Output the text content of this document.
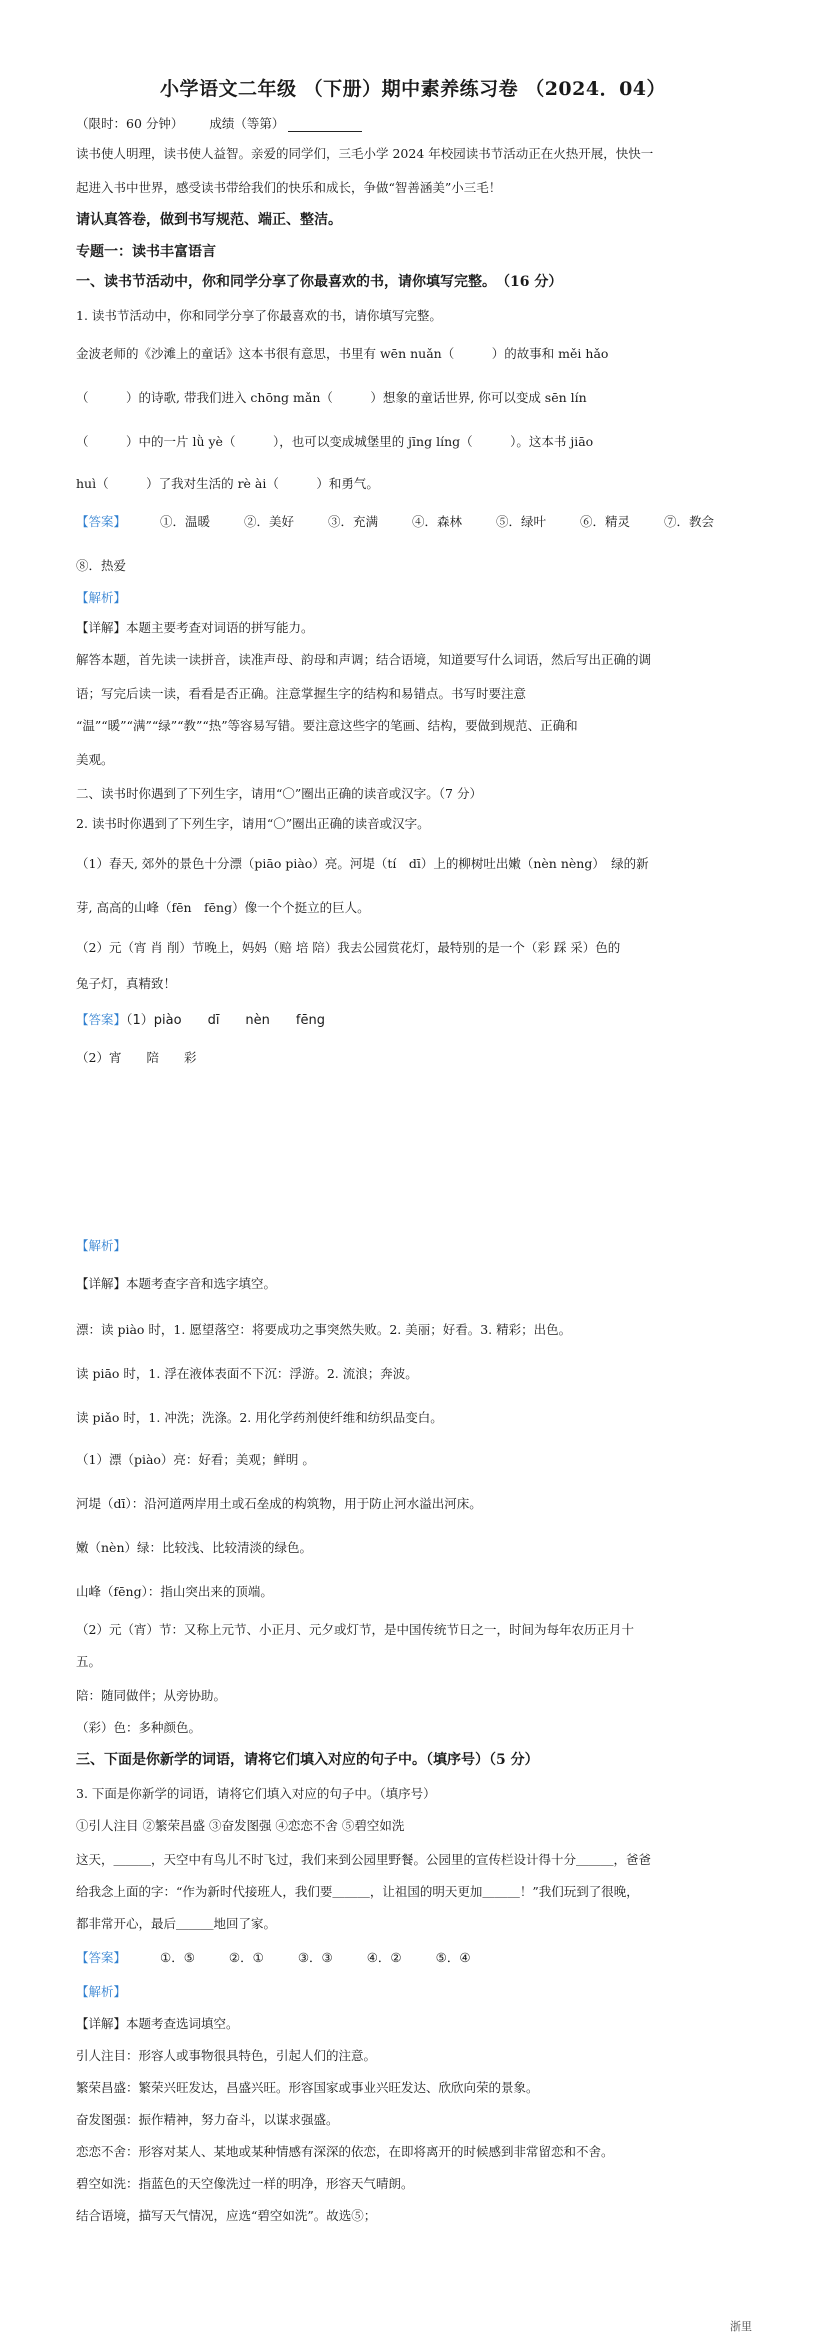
小学语文二年级 （下册）期中素养练习卷 （2024．04）
（限时：60 分钟） 成绩（等第）
读书使人明理，读书使人益智。亲爱的同学们，三毛小学 2024 年校园读书节活动正在火热开展，快快一
起进入书中世界，感受读书带给我们的快乐和成长，争做“智善涵美”小三毛！
请认真答卷，做到书写规范、端正、整洁。
专题一：读书丰富语言
一、读书节活动中，你和同学分享了你最喜欢的书，请你填写完整。　（16 分）
1. 读书节活动中，你和同学分享了你最喜欢的书，请你填写完整。
金波老师的《沙滩上的童话》这本书很有意思，书里有 wēn nuǎn（　　　）的故事和 měi hǎo
（　　　）的诗歌, 带我们进入 chōng mǎn（　　　）想象的童话世界, 你可以变成 sēn lín
（　　　）中的一片 lǜ yè（　　　），也可以变成城堡里的 jīng líng（　　　）。这本书 jiāo
huì（　　　）了我对生活的 rè ài（　　　）和勇气。
【答案】	①．温暖	②．美好	③．充满	④．森林	⑤．绿叶	⑥．精灵	⑦．教会
⑧．热爱
【解析】
【详解】本题主要考查对词语的拼写能力。
解答本题，首先读一读拼音，读准声母、韵母和声调；结合语境，知道要写什么词语，然后写出正确的调
语；写完后读一读，看看是否正确。注意掌握生字的结构和易错点。书写时要注意
“温”“暖”“满”“绿”“教”“热”等容易写错。要注意这些字的笔画、结构，要做到规范、正确和
美观。
二、读书时你遇到了下列生字，请用“〇”圈出正确的读音或汉字。（7 分）
2. 读书时你遇到了下列生字，请用“〇”圈出正确的读音或汉字。
（1）春天, 郊外的景色十分漂（piāo piào）亮。河堤（tí　dī）上的柳树吐出嫩（nèn nèng）　绿的新
芽, 高高的山峰（fēn　fēng）像一个个挺立的巨人。
（2）元（宵 肖 削）节晚上，妈妈（赔 培 陪）我去公园赏花灯，最特别的是一个（彩 踩 采）色的
兔子灯，真精致！
【答案】（1）piào　　dī　　nèn　　fēng
（2）宵　　陪　　彩
【解析】
【详解】本题考查字音和选字填空。
漂：读 piào 时，1. 愿望落空：将要成功之事突然失败。2. 美丽；好看。3. 精彩；出色。
读 piāo 时，1. 浮在液体表面不下沉：浮游。2. 流浪；奔波。
读 piǎo 时，1. 冲洗；洗涤。2. 用化学药剂使纤维和纺织品变白。
（1）漂（piào）亮：好看；美观；鲜明 。
河堤（dī）：沿河道两岸用土或石垒成的构筑物，用于防止河水溢出河床。
嫩（nèn）绿：比较浅、比较清淡的绿色。
山峰（fēng）：指山突出来的顶端。
（2）元（宵）节：又称上元节、小正月、元夕或灯节，是中国传统节日之一，时间为每年农历正月十
五。
陪：随同做伴；从旁协助。
（彩）色：多种颜色。
三、下面是你新学的词语，请将它们填入对应的句子中。（填序号）（5 分）
3. 下面是你新学的词语，请将它们填入对应的句子中。（填序号）
①引人注目 ②繁荣昌盛 ③奋发图强 ④恋恋不舍 ⑤碧空如洗
这天，＿＿＿，天空中有鸟儿不时飞过，我们来到公园里野餐。公园里的宣传栏设计得十分＿＿＿，爸爸
给我念上面的字：“作为新时代接班人，我们要＿＿＿，让祖国的明天更加＿＿＿！”我们玩到了很晚，
都非常开心，最后＿＿＿地回了家。
【答案】	①．⑤	②．①	③．③	④．②	⑤．④
【解析】
【详解】本题考查选词填空。
引人注目：形容人或事物很具特色，引起人们的注意。
繁荣昌盛：繁荣兴旺发达，昌盛兴旺。形容国家或事业兴旺发达、欣欣向荣的景象。
奋发图强：振作精神，努力奋斗，以谋求强盛。
恋恋不舍：形容对某人、某地或某种情感有深深的依恋，在即将离开的时候感到非常留恋和不舍。
碧空如洗：指蓝色的天空像洗过一样的明净，形容天气晴朗。
结合语境，描写天气情况，应选“碧空如洗”。故选⑤；
浙里
